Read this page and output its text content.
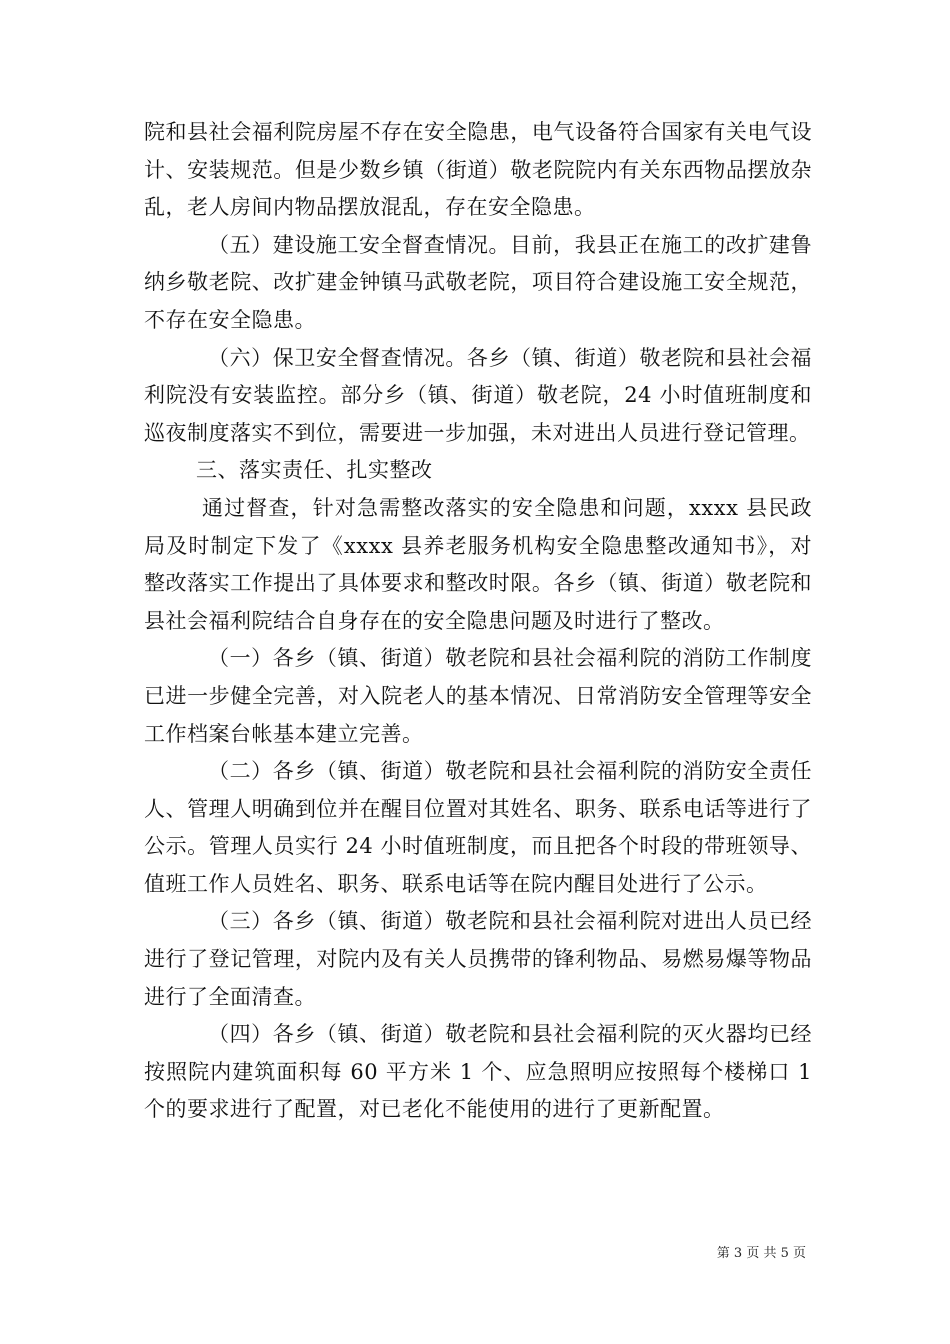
院和县社会福利院房屋不存在安全隐患，电气设备符合国家有关电气设计、安装规范。但是少数乡镇（街道）敬老院院内有关东西物品摆放杂乱，老人房间内物品摆放混乱，存在安全隐患。

（五）建设施工安全督查情况。目前，我县正在施工的改扩建鲁纳乡敬老院、改扩建金钟镇马武敬老院，项目符合建设施工安全规范，不存在安全隐患。

（六）保卫安全督查情况。各乡（镇、街道）敬老院和县社会福利院没有安装监控。部分乡（镇、街道）敬老院，24 小时值班制度和巡夜制度落实不到位，需要进一步加强，未对进出人员进行登记管理。

三、落实责任、扎实整改

通过督查，针对急需整改落实的安全隐患和问题，xxxx 县民政局及时制定下发了《xxxx 县养老服务机构安全隐患整改通知书》，对整改落实工作提出了具体要求和整改时限。各乡（镇、街道）敬老院和县社会福利院结合自身存在的安全隐患问题及时进行了整改。

（一）各乡（镇、街道）敬老院和县社会福利院的消防工作制度已进一步健全完善，对入院老人的基本情况、日常消防安全管理等安全工作档案台帐基本建立完善。

（二）各乡（镇、街道）敬老院和县社会福利院的消防安全责任人、管理人明确到位并在醒目位置对其姓名、职务、联系电话等进行了公示。管理人员实行 24 小时值班制度，而且把各个时段的带班领导、值班工作人员姓名、职务、联系电话等在院内醒目处进行了公示。

（三）各乡（镇、街道）敬老院和县社会福利院对进出人员已经进行了登记管理，对院内及有关人员携带的锋利物品、易燃易爆等物品进行了全面清查。

（四）各乡（镇、街道）敬老院和县社会福利院的灭火器均已经按照院内建筑面积每 60 平方米 1 个、应急照明应按照每个楼梯口 1 个的要求进行了配置，对已老化不能使用的进行了更新配置。

第 3 页 共 5 页
